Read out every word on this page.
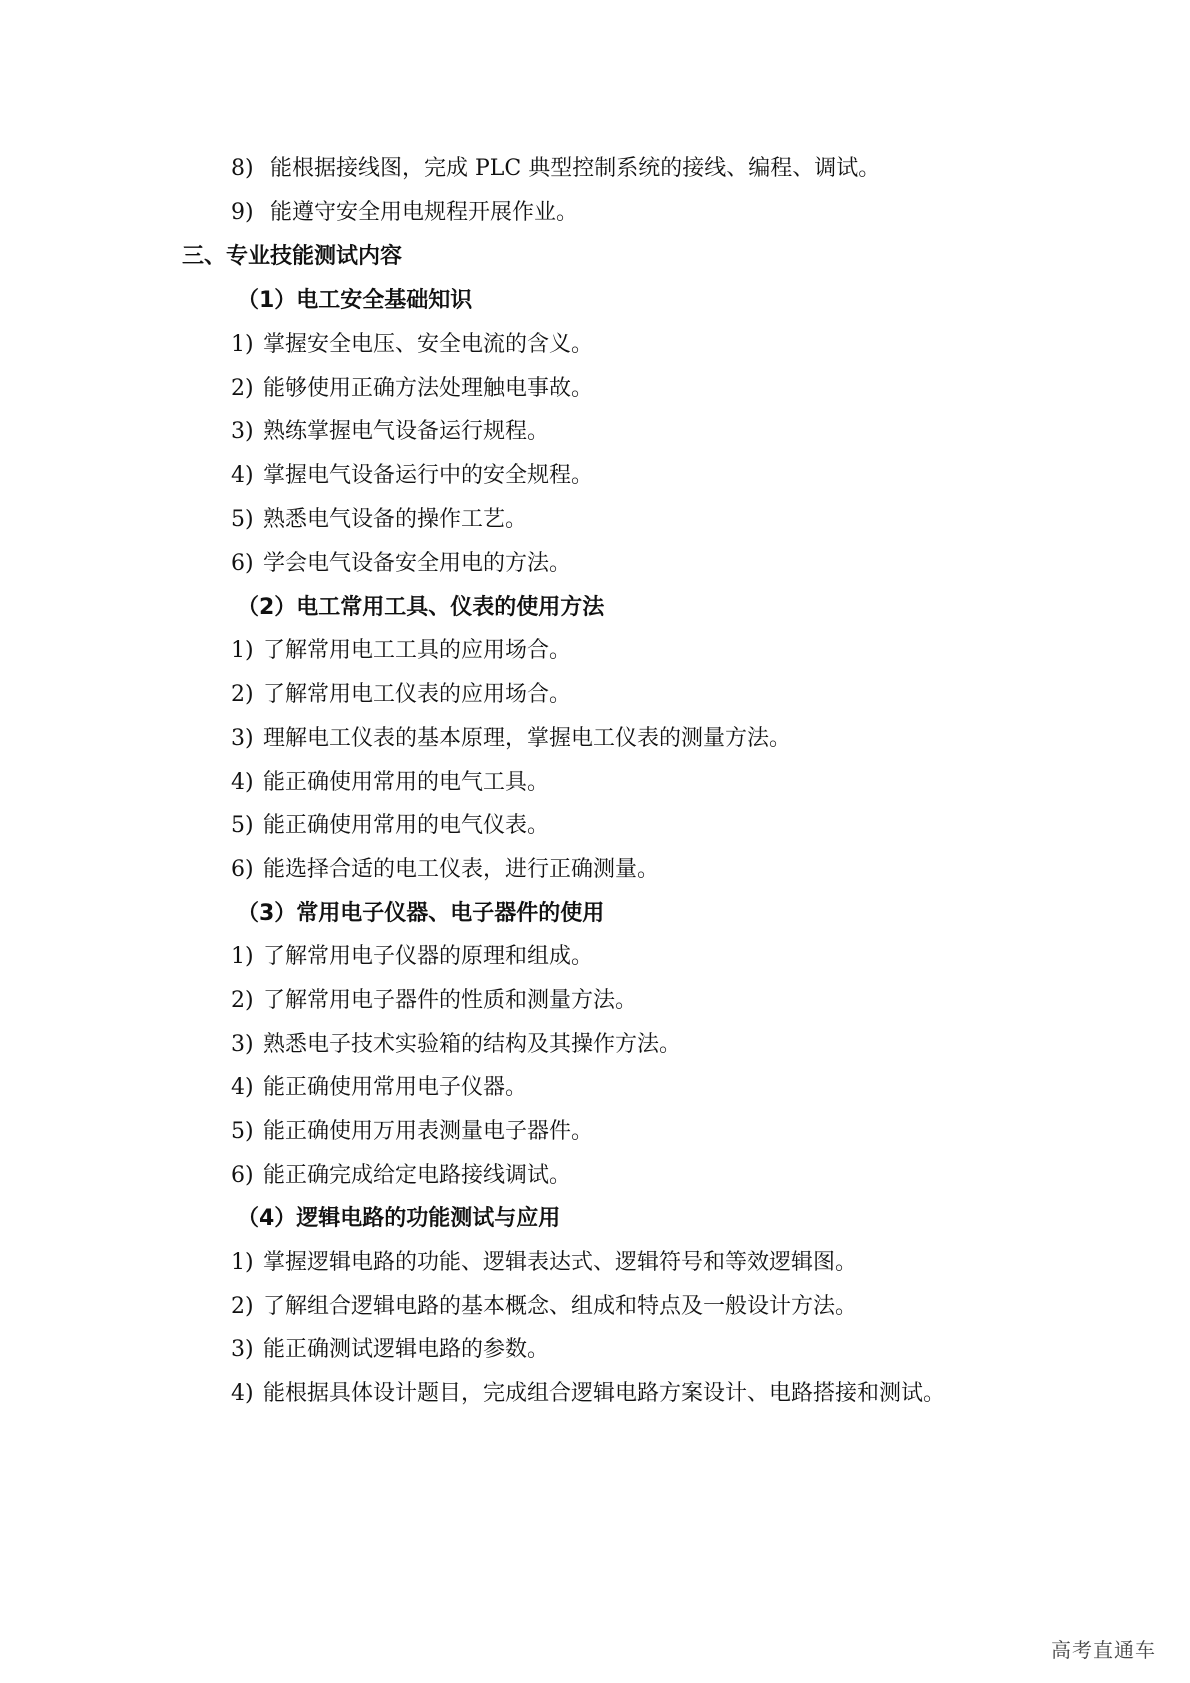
8) 能根据接线图，完成 PLC 典型控制系统的接线、编程、调试。
9) 能遵守安全用电规程开展作业。
三、专业技能测试内容
（1）电工安全基础知识
1) 掌握安全电压、安全电流的含义。
2) 能够使用正确方法处理触电事故。
3) 熟练掌握电气设备运行规程。
4) 掌握电气设备运行中的安全规程。
5) 熟悉电气设备的操作工艺。
6) 学会电气设备安全用电的方法。
（2）电工常用工具、仪表的使用方法
1) 了解常用电工工具的应用场合。
2) 了解常用电工仪表的应用场合。
3) 理解电工仪表的基本原理，掌握电工仪表的测量方法。
4) 能正确使用常用的电气工具。
5) 能正确使用常用的电气仪表。
6) 能选择合适的电工仪表，进行正确测量。
（3）常用电子仪器、电子器件的使用
1) 了解常用电子仪器的原理和组成。
2) 了解常用电子器件的性质和测量方法。
3) 熟悉电子技术实验箱的结构及其操作方法。
4) 能正确使用常用电子仪器。
5) 能正确使用万用表测量电子器件。
6) 能正确完成给定电路接线调试。
（4）逻辑电路的功能测试与应用
1) 掌握逻辑电路的功能、逻辑表达式、逻辑符号和等效逻辑图。
2) 了解组合逻辑电路的基本概念、组成和特点及一般设计方法。
3) 能正确测试逻辑电路的参数。
4) 能根据具体设计题目，完成组合逻辑电路方案设计、电路搭接和测试。
高考直通车
